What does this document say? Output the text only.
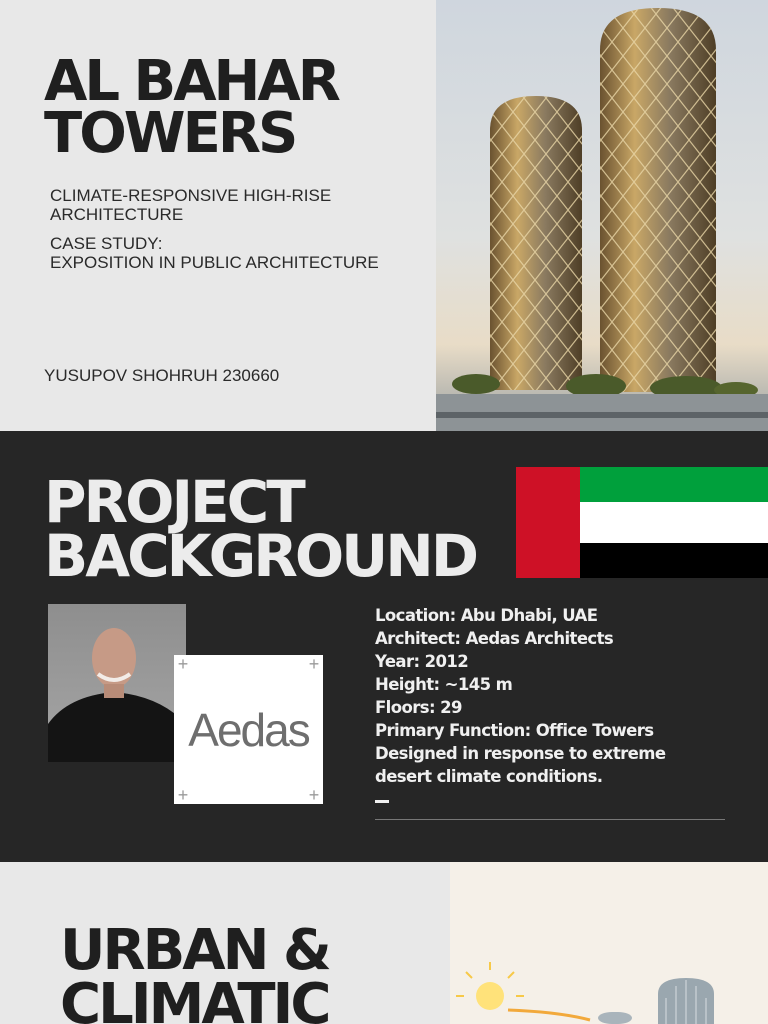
AL BAHAR
TOWERS

CLIMATE-RESPONSIVE HIGH-RISE
ARCHITECTURE

CASE STUDY:
EXPOSITION IN PUBLIC ARCHITECTURE

YUSUPOV SHOHRUH 230660
PROJECT
BACKGROUND
+	+
+	+
Aedas
Location: Abu Dhabi, UAE
Architect: Aedas Architects
Year: 2012
Height: ~145 m
Floors: 29
Primary Function: Office Towers
Designed in response to extreme
desert climate conditions.
URBAN &
CLIMATIC
